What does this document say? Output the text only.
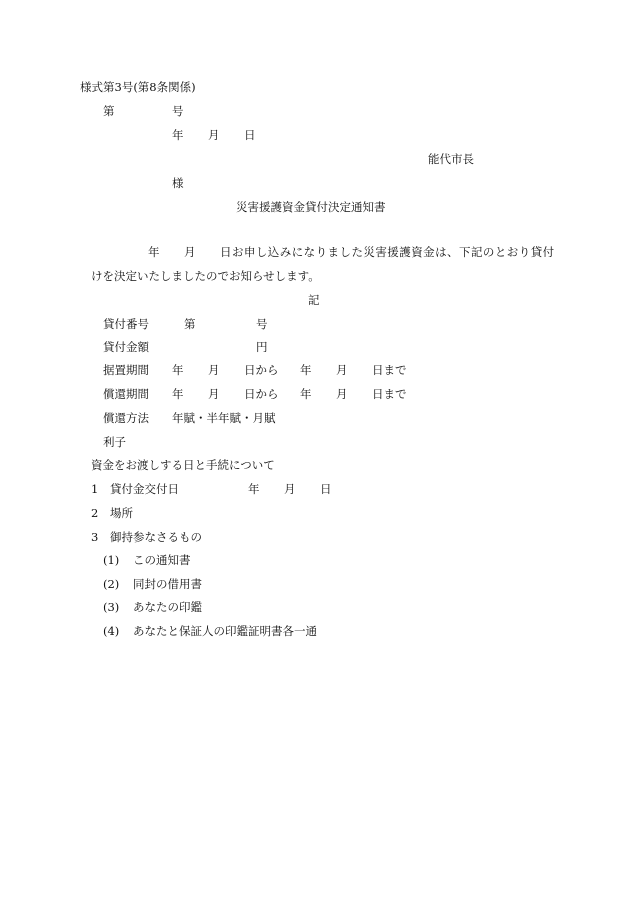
様式第3号(第8条関係)
第	号
年 月 日
能代市長
様
災害援護資金貸付決定通知書
年 月 日お申し込みになりました災害援護資金は、下記のとおり貸付
けを決定いたしましたのでお知らせします。
記
貸付番号	第	号
貸付金額	円
据置期間 年 月 日から 年 月 日まで
償還期間 年 月 日から 年 月 日まで
償還方法 年賦・半年賦・月賦
利子
資金をお渡しする日と手続について
1 貸付金交付日	年 月 日
2 場所
3 御持参なさるもの
(1) この通知書
(2) 同封の借用書
(3) あなたの印鑑
(4) あなたと保証人の印鑑証明書各一通
